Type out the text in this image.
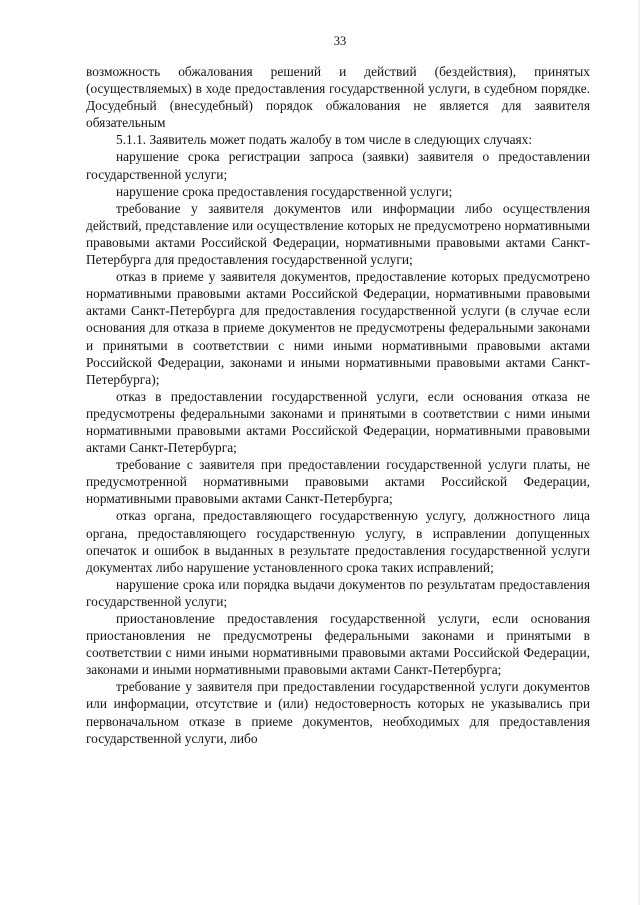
33

возможность обжалования решений и действий (бездействия), принятых (осуществляемых) в ходе предоставления государственной услуги, в судебном порядке. Досудебный (внесудебный) порядок обжалования не является для заявителя обязательным

5.1.1. Заявитель может подать жалобу в том числе в следующих случаях:

нарушение срока регистрации запроса (заявки) заявителя о предоставлении государственной услуги;

нарушение срока предоставления государственной услуги;

требование у заявителя документов или информации либо осуществления действий, представление или осуществление которых не предусмотрено нормативными правовыми актами Российской Федерации, нормативными правовыми актами Санкт-Петербурга для предоставления государственной услуги;

отказ в приеме у заявителя документов, предоставление которых предусмотрено нормативными правовыми актами Российской Федерации, нормативными правовыми актами Санкт-Петербурга для предоставления государственной услуги (в случае если основания для отказа в приеме документов не предусмотрены федеральными законами и принятыми в соответствии с ними иными нормативными правовыми актами Российской Федерации, законами и иными нормативными правовыми актами Санкт-Петербурга);

отказ в предоставлении государственной услуги, если основания отказа не предусмотрены федеральными законами и принятыми в соответствии с ними иными нормативными правовыми актами Российской Федерации, нормативными правовыми актами Санкт-Петербурга;

требование с заявителя при предоставлении государственной услуги платы, не предусмотренной нормативными правовыми актами Российской Федерации, нормативными правовыми актами Санкт-Петербурга;

отказ органа, предоставляющего государственную услугу, должностного лица органа, предоставляющего государственную услугу, в исправлении допущенных опечаток и ошибок в выданных в результате предоставления государственной услуги документах либо нарушение установленного срока таких исправлений;

нарушение срока или порядка выдачи документов по результатам предоставления государственной услуги;

приостановление предоставления государственной услуги, если основания приостановления не предусмотрены федеральными законами и принятыми в соответствии с ними иными нормативными правовыми актами Российской Федерации, законами и иными нормативными правовыми актами Санкт-Петербурга;

требование у заявителя при предоставлении государственной услуги документов или информации, отсутствие и (или) недостоверность которых не указывались при первоначальном отказе в приеме документов, необходимых для предоставления государственной услуги, либо
